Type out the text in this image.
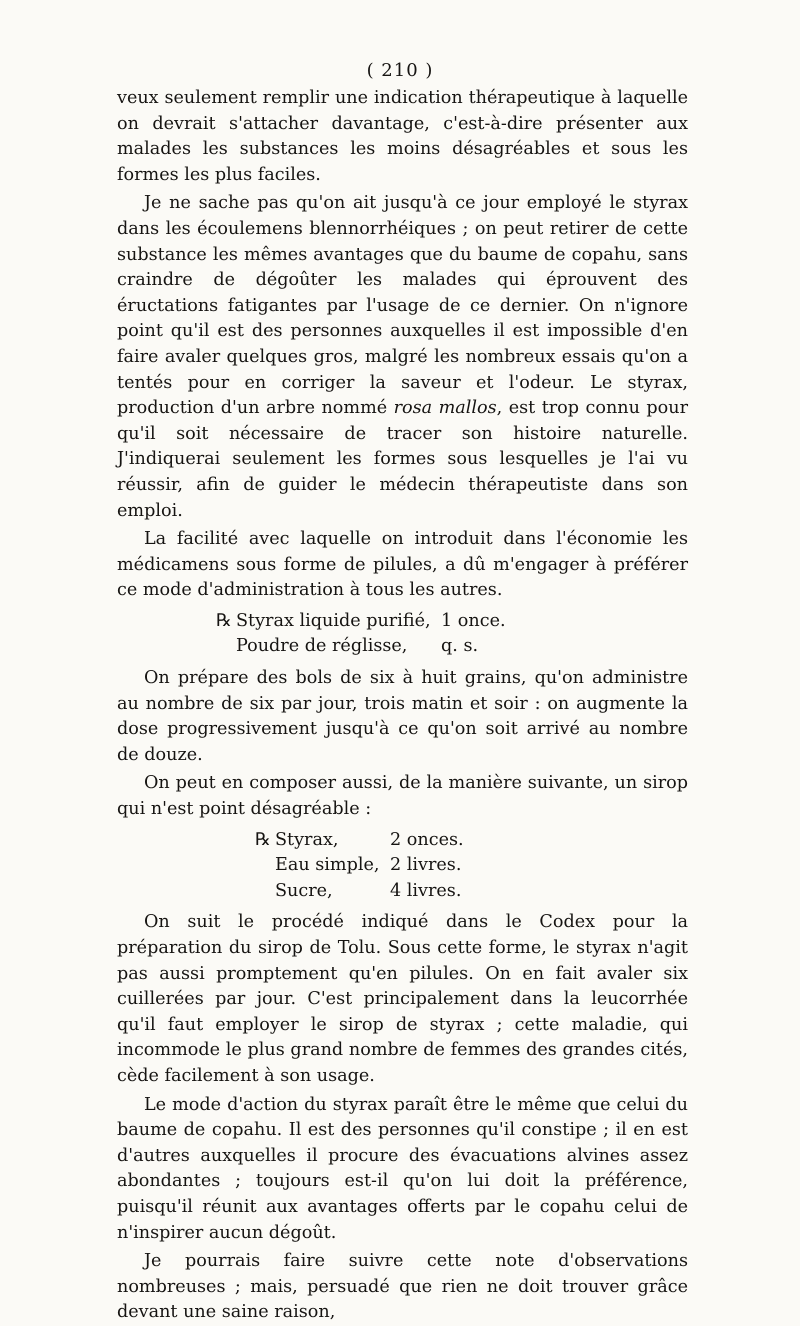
( 210 )

veux seulement remplir une indication thérapeutique à laquelle on devrait s'attacher davantage, c'est-à-dire présenter aux malades les substances les moins désagréables et sous les formes les plus faciles.

Je ne sache pas qu'on ait jusqu'à ce jour employé le styrax dans les écoulemens blennorrhéiques ; on peut retirer de cette substance les mêmes avantages que du baume de copahu, sans craindre de dégoûter les malades qui éprouvent des éructations fatigantes par l'usage de ce dernier. On n'ignore point qu'il est des personnes auxquelles il est impossible d'en faire avaler quelques gros, malgré les nombreux essais qu'on a tentés pour en corriger la saveur et l'odeur. Le styrax, production d'un arbre nommé rosa mallos, est trop connu pour qu'il soit nécessaire de tracer son histoire naturelle. J'indiquerai seulement les formes sous lesquelles je l'ai vu réussir, afin de guider le médecin thérapeutiste dans son emploi.

La facilité avec laquelle on introduit dans l'économie les médicamens sous forme de pilules, a dû m'engager à préférer ce mode d'administration à tous les autres.

℞ Styrax liquide purifié, 1 once.
Poudre de réglisse,	q. s.

On prépare des bols de six à huit grains, qu'on administre au nombre de six par jour, trois matin et soir : on augmente la dose progressivement jusqu'à ce qu'on soit arrivé au nombre de douze.

On peut en composer aussi, de la manière suivante, un sirop qui n'est point désagréable :

℞ Styrax,	2 onces.
Eau simple, 2 livres.
Sucre,	4 livres.

On suit le procédé indiqué dans le Codex pour la préparation du sirop de Tolu. Sous cette forme, le styrax n'agit pas aussi promptement qu'en pilules. On en fait avaler six cuillerées par jour. C'est principalement dans la leucorrhée qu'il faut employer le sirop de styrax ; cette maladie, qui incommode le plus grand nombre de femmes des grandes cités, cède facilement à son usage.

Le mode d'action du styrax paraît être le même que celui du baume de copahu. Il est des personnes qu'il constipe ; il en est d'autres auxquelles il procure des évacuations alvines assez abondantes ; toujours est-il qu'on lui doit la préférence, puisqu'il réunit aux avantages offerts par le copahu celui de n'inspirer aucun dégoût.

Je pourrais faire suivre cette note d'observations nombreuses ; mais, persuadé que rien ne doit trouver grâce devant une saine raison,
